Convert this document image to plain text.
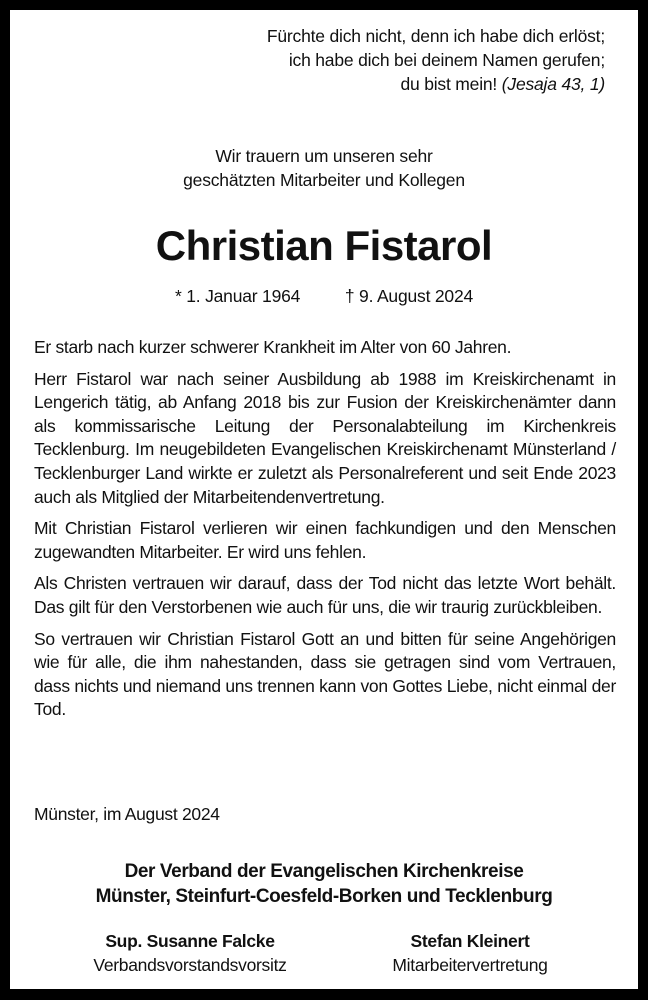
Fürchte dich nicht, denn ich habe dich erlöst;
ich habe dich bei deinem Namen gerufen;
du bist mein! (Jesaja 43, 1)
Wir trauern um unseren sehr
geschätzten Mitarbeiter und Kollegen
Christian Fistarol
* 1. Januar 1964	† 9. August 2024

Er starb nach kurzer schwerer Krankheit im Alter von 60 Jahren.

Herr Fistarol war nach seiner Ausbildung ab 1988 im Kreiskirchenamt in Lengerich tätig, ab Anfang 2018 bis zur Fusion der Kreiskirchenämter dann als kommissarische Leitung der Personalabteilung im Kirchenkreis Tecklenburg. Im neugebildeten Evangelischen Kreiskirchenamt Münsterland / Tecklenburger Land wirkte er zuletzt als Personalreferent und seit Ende 2023 auch als Mitglied der Mitarbeitendenvertretung.

Mit Christian Fistarol verlieren wir einen fachkundigen und den Menschen zugewandten Mitarbeiter. Er wird uns fehlen.

Als Christen vertrauen wir darauf, dass der Tod nicht das letzte Wort behält. Das gilt für den Verstorbenen wie auch für uns, die wir traurig zurückbleiben.

So vertrauen wir Christian Fistarol Gott an und bitten für seine Angehörigen wie für alle, die ihm nahestanden, dass sie getragen sind vom Vertrauen, dass nichts und niemand uns trennen kann von Gottes Liebe, nicht einmal der Tod.

Münster, im August 2024
Der Verband der Evangelischen Kirchenkreise
Münster, Steinfurt-Coesfeld-Borken und Tecklenburg
Sup. Susanne Falcke
Verbandsvorstandsvorsitz
Stefan Kleinert
Mitarbeitervertretung
